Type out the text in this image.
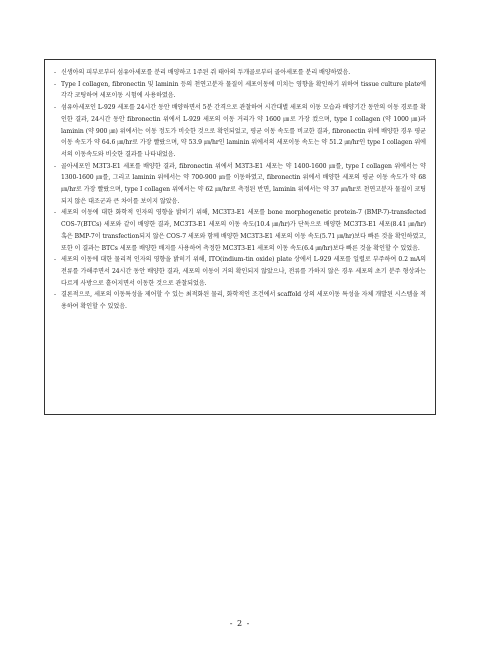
- 신생아의 피부로부터 섬유아세포를 분리 배양하고 1주된 쥐 태아의 두개골로부터 골아세포를 분리 배양하였음.
- Type I collagen, fibronectin 및 laminin 등의 천연고분자 물질이 세포이동에 미치는 영향을 확인하기 위하여 tissue culture plate에 각각 코팅하여 세포이동 시험에 사용하였음.
- 섬유아세포인 L-929 세포를 24시간 동안 배양하면서 5분 간격으로 관찰하여 시간대별 세포의 이동 모습과 배양기간 동안의 이동 경로를 확인한 결과, 24시간 동안 fibronectin 위에서 L-929 세포의 이동 거리가 약 1600 ㎛로 가장 컸으며, type I collagen (약 1000 ㎛)과 laminin (약 900 ㎛) 위에서는 이동 정도가 비슷한 것으로 확인되었고, 평균 이동 속도를 비교한 결과, fibronectin 위에 배양한 경우 평균 이동 속도가 약 64.6 ㎛/hr로 가장 빨랐으며, 약 53.9 ㎛/hr인 laminin 위에서의 세포이동 속도는 약 51.2 ㎛/hr인 type I collagen 위에서의 이동속도와 비슷한 결과를 나타내었음.
- 골아세포인 M3T3-E1 세포를 배양한 결과, fibronectin 위에서 M3T3-E1 세포는 약 1400-1600 ㎛를, type I collagen 위에서는 약 1300-1600 ㎛를, 그리고 laminin 위에서는 약 700-900 ㎛를 이동하였고, fibronectin 위에서 배양한 세포의 평균 이동 속도가 약 68 ㎛/hr로 가장 빨랐으며, type I collagen 위에서는 약 62 ㎛/hr로 측정된 반면, laminin 위에서는 약 37 ㎛/hr로 천연고분자 물질이 코팅되지 않은 대조군과 큰 차이를 보이지 않았음.
- 세포의 이동에 대한 화학적 인자의 영향을 밝히기 위해, MC3T3-E1 세포를 bone morphogenetic protein-7 (BMP-7)-transfected COS-7(BTCs) 세포와 같이 배양한 결과, MC3T3-E1 세포의 이동 속도(10.4 ㎛/hr)가 단독으로 배양한 MC3T3-E1 세포(8.41 ㎛/hr) 혹은 BMP-7이 transfection되지 않은 COS-7 세포와 함께 배양한 MC3T3-E1 세포의 이동 속도(5.71 ㎛/hr)보다 빠른 것을 확인하였고, 또한 이 결과는 BTCs 세포를 배양한 배지를 사용하여 측정한 MC3T3-E1 세포의 이동 속도(6.4 ㎛/hr)보다 빠른 것을 확인할 수 있었음.
- 세포의 이동에 대한 물리적 인자의 영향을 밝히기 위해, ITO(indium-tin oxide) plate 상에서 L-929 세포를 일렬로 부주하여 0.2 mA의 전류를 가해주면서 24시간 동안 배양한 결과, 세포의 이동이 거의 확인되지 않았으나, 전류를 가하지 않은 경우 세포의 초기 분주 형상과는 다르게 사방으로 흩어지면서 이동한 것으로 관찰되었음.
- 결론적으로, 세포의 이동특성을 제어할 수 있는 최적화된 물리, 화학적인 조건에서 scaffold 상의 세포이동 특성을 자체 개발된 시스템을 적용하여 확인할 수 있었음.
- 2 -
